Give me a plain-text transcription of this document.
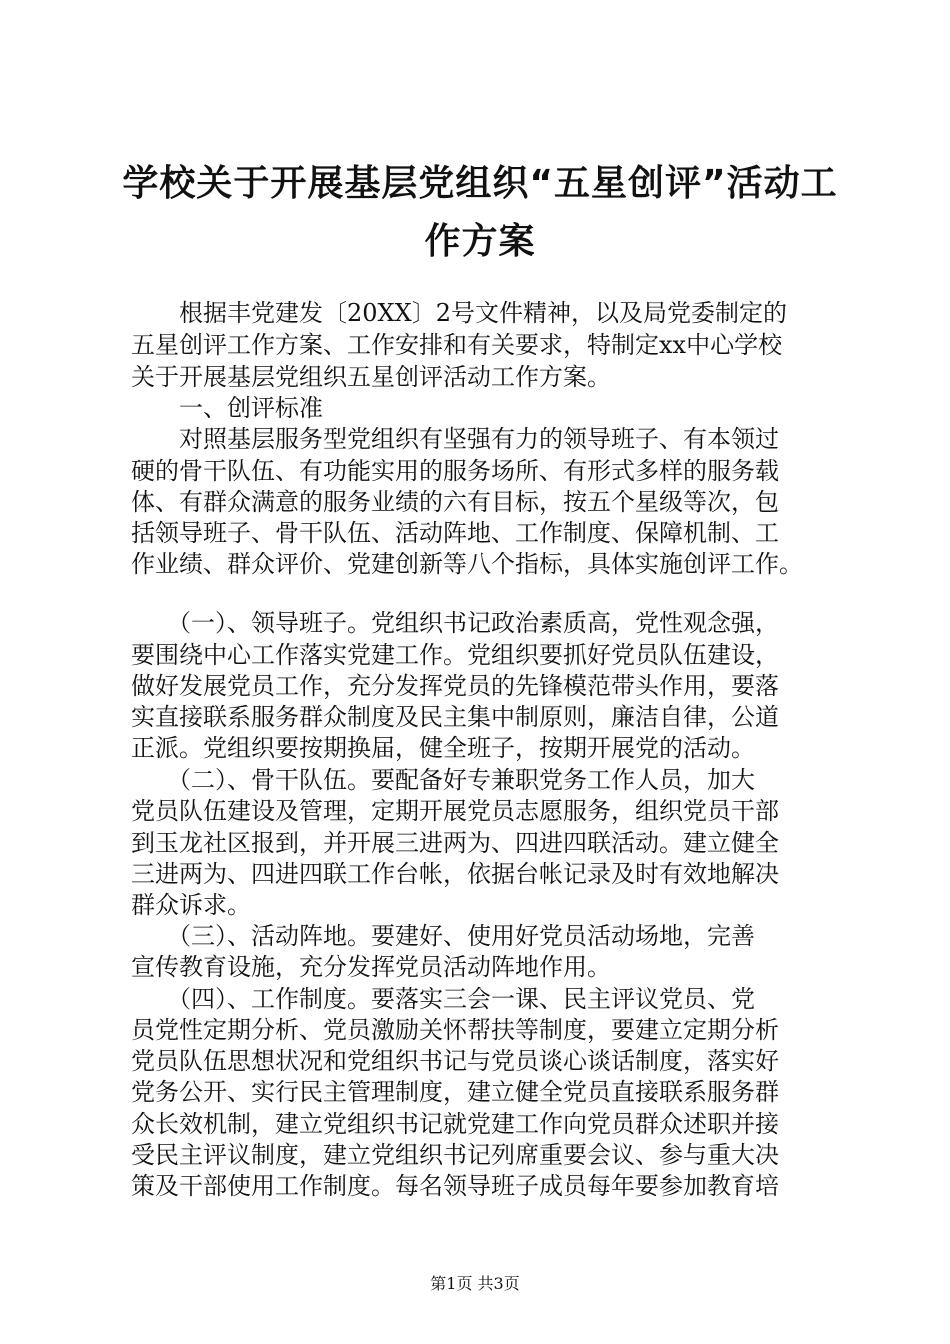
学校关于开展基层党组织“五星创评”活动工
作方案

　　根据丰党建发〔20XX〕2号文件精神，以及局党委制定的

五星创评工作方案、工作安排和有关要求，特制定xx中心学校

关于开展基层党组织五星创评活动工作方案。

　　一、创评标准

　　对照基层服务型党组织有坚强有力的领导班子、有本领过

硬的骨干队伍、有功能实用的服务场所、有形式多样的服务载

体、有群众满意的服务业绩的六有目标，按五个星级等次，包

括领导班子、骨干队伍、活动阵地、工作制度、保障机制、工

作业绩、群众评价、党建创新等八个指标，具体实施创评工作。

　　（一）、领导班子。党组织书记政治素质高，党性观念强，

要围绕中心工作落实党建工作。党组织要抓好党员队伍建设，

做好发展党员工作，充分发挥党员的先锋模范带头作用，要落

实直接联系服务群众制度及民主集中制原则，廉洁自律，公道

正派。党组织要按期换届，健全班子，按期开展党的活动。

　　（二）、骨干队伍。要配备好专兼职党务工作人员，加大

党员队伍建设及管理，定期开展党员志愿服务，组织党员干部

到玉龙社区报到，并开展三进两为、四进四联活动。建立健全

三进两为、四进四联工作台帐，依据台帐记录及时有效地解决

群众诉求。

　　（三）、活动阵地。要建好、使用好党员活动场地，完善

宣传教育设施，充分发挥党员活动阵地作用。

　　（四）、工作制度。要落实三会一课、民主评议党员、党

员党性定期分析、党员激励关怀帮扶等制度，要建立定期分析

党员队伍思想状况和党组织书记与党员谈心谈话制度，落实好

党务公开、实行民主管理制度，建立健全党员直接联系服务群

众长效机制，建立党组织书记就党建工作向党员群众述职并接

受民主评议制度，建立党组织书记列席重要会议、参与重大决

策及干部使用工作制度。每名领导班子成员每年要参加教育培

第1页 共3页
